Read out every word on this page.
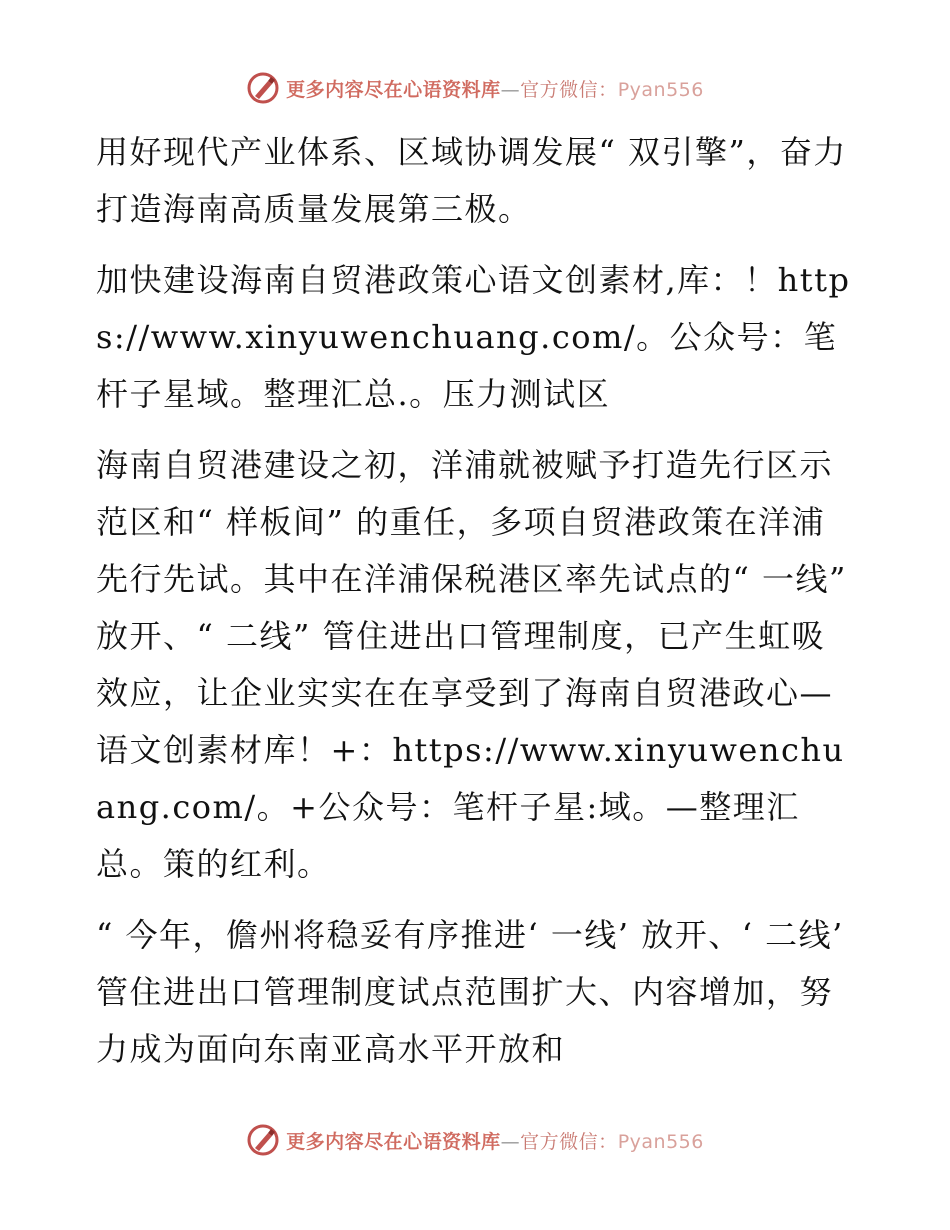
更多内容尽在心语资料库—官方微信：Pyan556

用好现代产业体系、区域协调发展“ 双引擎”，奋力打造海南高质量发展第三极。

加快建设海南自贸港政策心语文创素材,库：！https://www.xinyuwenchuang.com/。公众号：笔杆子星域。整理汇总.。压力测试区

海南自贸港建设之初，洋浦就被赋予打造先行区示范区和“ 样板间” 的重任，多项自贸港政策在洋浦先行先试。其中在洋浦保税港区率先试点的“ 一线” 放开、“ 二线” 管住进出口管理制度，已产生虹吸效应，让企业实实在在享受到了海南自贸港政心—语文创素材库！+：https://www.xinyuwenchuang.com/。+公众号：笔杆子星:域。—整理汇总。策的红利。

“ 今年，儋州将稳妥有序推进‘ 一线’ 放开、‘ 二线’ 管住进出口管理制度试点范围扩大、内容增加，努力成为面向东南亚高水平开放和

更多内容尽在心语资料库—官方微信：Pyan556
